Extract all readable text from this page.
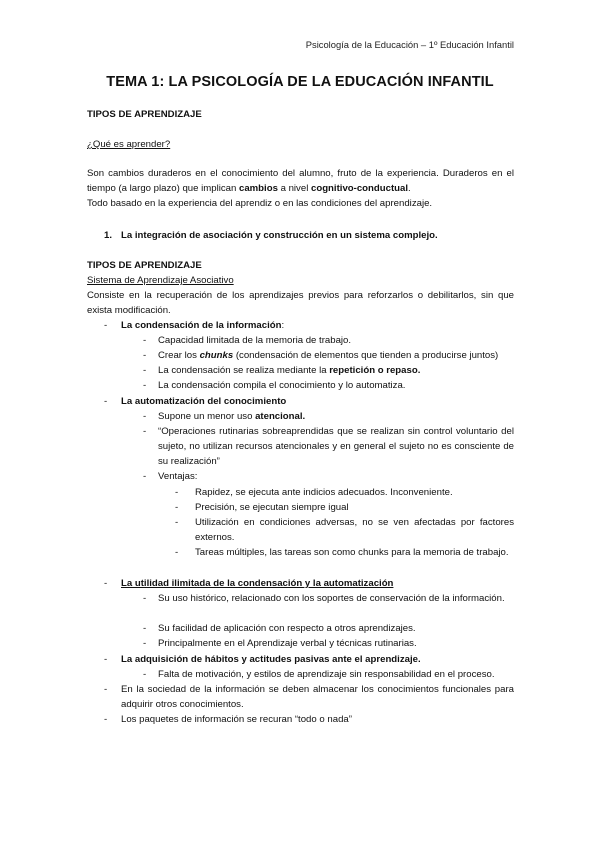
Psicología de la Educación – 1º Educación Infantil
TEMA 1: LA PSICOLOGÍA DE LA EDUCACIÓN INFANTIL
TIPOS DE APRENDIZAJE
¿Qué es aprender?
Son cambios duraderos en el conocimiento del alumno, fruto de la experiencia. Duraderos en el tiempo (a largo plazo) que implican cambios a nivel cognitivo-conductual.
Todo basado en la experiencia del aprendiz o en las condiciones del aprendizaje.
1. La integración de asociación y construcción en un sistema complejo.
TIPOS DE APRENDIZAJE
Sistema de Aprendizaje Asociativo
Consiste en la recuperación de los aprendizajes previos para reforzarlos o debilitarlos, sin que exista modificación.
- La condensación de la información:
- Capacidad limitada de la memoria de trabajo.
- Crear los chunks (condensación de elementos que tienden a producirse juntos)
- La condensación se realiza mediante la repetición o repaso.
- La condensación compila el conocimiento y lo automatiza.
- La automatización del conocimiento
- Supone un menor uso atencional.
- “Operaciones rutinarias sobreaprendidas que se realizan sin control voluntario del sujeto, no utilizan recursos atencionales y en general el sujeto no es consciente de su realización”
- Ventajas:
- Rapidez, se ejecuta ante indicios adecuados. Inconveniente.
- Precisión, se ejecutan siempre igual
- Utilización en condiciones adversas, no se ven afectadas por factores externos.
- Tareas múltiples, las tareas son como chunks para la memoria de trabajo.
- La utilidad ilimitada de la condensación y la automatización
- Su uso histórico, relacionado con los soportes de conservación de la información.
- Su facilidad de aplicación con respecto a otros aprendizajes.
- Principalmente en el Aprendizaje verbal y técnicas rutinarias.
- La adquisición de hábitos y actitudes pasivas ante el aprendizaje.
- Falta de motivación, y estilos de aprendizaje sin responsabilidad en el proceso.
- En la sociedad de la información se deben almacenar los conocimientos funcionales para adquirir otros conocimientos.
- Los paquetes de información se recuran “todo o nada”
